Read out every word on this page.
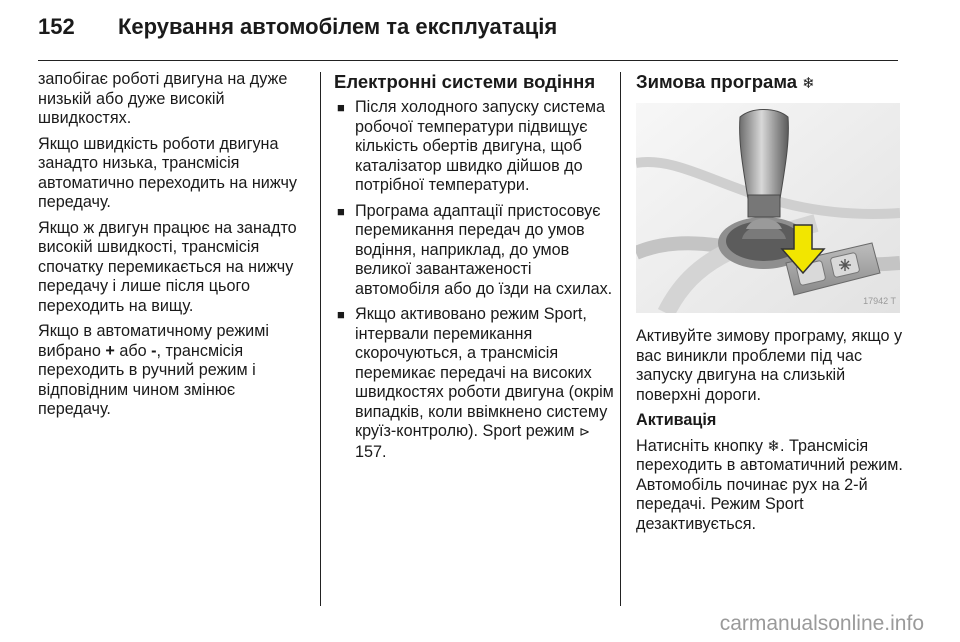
152	Керування автомобілем та експлуатація

запобігає роботі двигуна на дуже низькій або дуже високій швидкостях.

Якщо швидкість роботи двигуна занадто низька, трансмісія автоматично переходить на нижчу передачу.

Якщо ж двигун працює на занадто високій швидкості, трансмісія спочатку перемикається на нижчу передачу і лише після цього переходить на вищу.

Якщо в автоматичному режимі вибрано + або -, трансмісія переходить в ручний режим і відповідним чином змінює передачу.

Електронні системи водіння
■ Після холодного запуску система робочої температури підвищує кількість обертів двигуна, щоб каталізатор швидко дійшов до потрібної температури.
■ Програма адаптації пристосовує перемикання передач до умов водіння, наприклад, до умов великої завантаженості автомобіля або до їзди на схилах.
■ Якщо активовано режим Sport, інтервали перемикання скорочуються, а трансмісія перемикає передачі на високих швидкостях роботи двигуна (окрім випадків, коли ввімкнено систему круїз-контролю). Sport режим ⊳ 157.
Зимова програма ❄
17942 T

Активуйте зимову програму, якщо у вас виникли проблеми під час запуску двигуна на слизькій поверхні дороги.

Активація

Натисніть кнопку ❄. Трансмісія переходить в автоматичний режим. Автомобіль починає рух на 2-й передачі. Режим Sport дезактивується.

carmanualsonline.info
